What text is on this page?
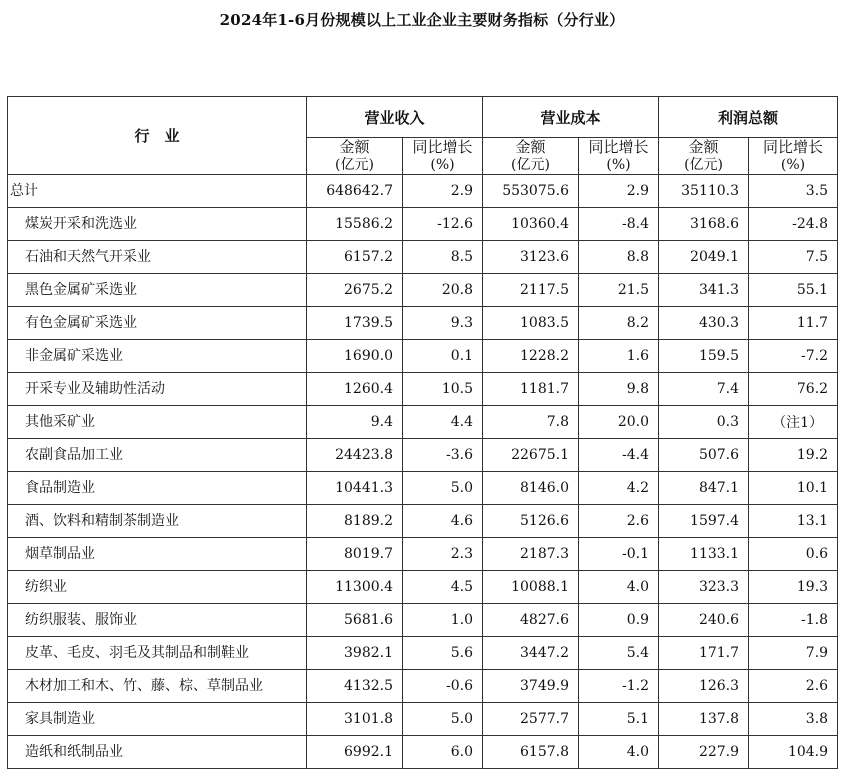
2024年1-6月份规模以上工业企业主要财务指标（分行业）
行　业	营业收入		营业成本		利润总额	
	金额	同比增长	金额	同比增长	金额	同比增长
	(亿元)	(%)	(亿元)	(%)	(亿元)	(%)
总计	648642.7	2.9	553075.6	2.9	35110.3	3.5
煤炭开采和洗选业	15586.2	-12.6	10360.4	-8.4	3168.6	-24.8
石油和天然气开采业	6157.2	8.5	3123.6	8.8	2049.1	7.5
黑色金属矿采选业	2675.2	20.8	2117.5	21.5	341.3	55.1
有色金属矿采选业	1739.5	9.3	1083.5	8.2	430.3	11.7
非金属矿采选业	1690.0	0.1	1228.2	1.6	159.5	-7.2
开采专业及辅助性活动	1260.4	10.5	1181.7	9.8	7.4	76.2
其他采矿业	9.4	4.4	7.8	20.0	0.3	（注1）
农副食品加工业	24423.8	-3.6	22675.1	-4.4	507.6	19.2
食品制造业	10441.3	5.0	8146.0	4.2	847.1	10.1
酒、饮料和精制茶制造业	8189.2	4.6	5126.6	2.6	1597.4	13.1
烟草制品业	8019.7	2.3	2187.3	-0.1	1133.1	0.6
纺织业	11300.4	4.5	10088.1	4.0	323.3	19.3
纺织服装、服饰业	5681.6	1.0	4827.6	0.9	240.6	-1.8
皮革、毛皮、羽毛及其制品和制鞋业	3982.1	5.6	3447.2	5.4	171.7	7.9
木材加工和木、竹、藤、棕、草制品业	4132.5	-0.6	3749.9	-1.2	126.3	2.6
家具制造业	3101.8	5.0	2577.7	5.1	137.8	3.8
造纸和纸制品业	6992.1	6.0	6157.8	4.0	227.9	104.9
